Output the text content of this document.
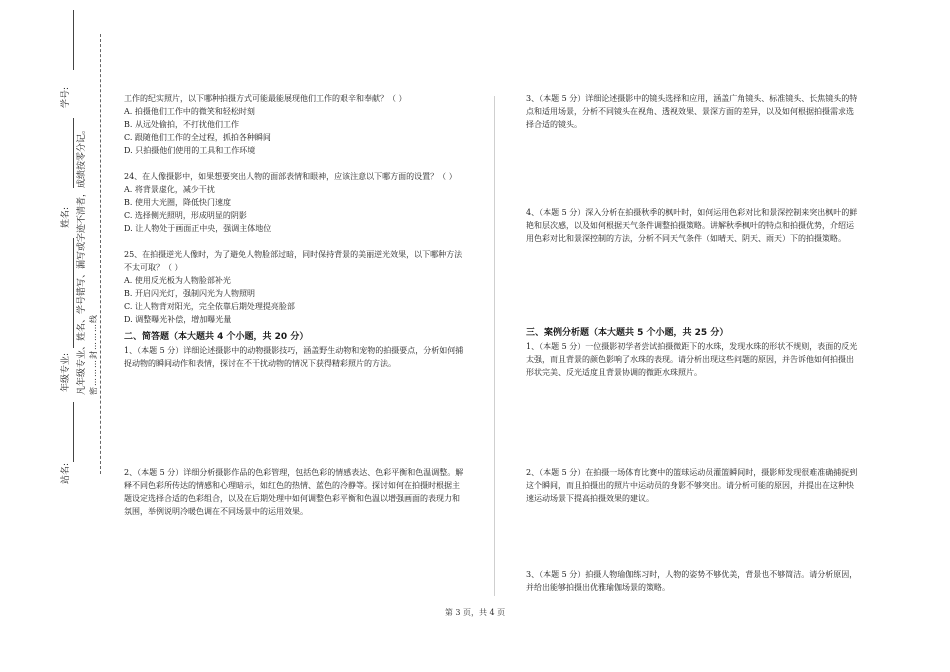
学号:
姓名:
年级专业:
站名:
凡年级专业、姓名、学号错写、漏写或字迹不清者，成绩按零分记。 密………封………线

工作的纪实照片，以下哪种拍摄方式可能最能展现他们工作的艰辛和奉献？（ ）

A. 拍摄他们工作中的微笑和轻松时刻

B. 从远处偷拍，不打扰他们工作

C. 跟随他们工作的全过程，抓拍各种瞬间

D. 只拍摄他们使用的工具和工作环境

24、在人像摄影中，如果想要突出人物的面部表情和眼神，应该注意以下哪方面的设置？（ ）

A. 将背景虚化，减少干扰

B. 使用大光圈，降低快门速度

C. 选择侧光照明，形成明显的阴影

D. 让人物处于画面正中央，强调主体地位

25、在拍摄逆光人像时，为了避免人物脸部过暗，同时保持背景的美丽逆光效果，以下哪种方法不太可取？（ ）

A. 使用反光板为人物脸部补光

B. 开启闪光灯，强制闪光为人物照明

C. 让人物背对阳光，完全依靠后期处理提亮脸部

D. 调整曝光补偿，增加曝光量

二、简答题（本大题共 4 个小题，共 20 分）

1、（本题 5 分）详细论述摄影中的动物摄影技巧，涵盖野生动物和宠物的拍摄要点，分析如何捕捉动物的瞬间动作和表情，探讨在不干扰动物的情况下获得精彩照片的方法。

2、（本题 5 分）详细分析摄影作品的色彩管理，包括色彩的情感表达、色彩平衡和色温调整。解释不同色彩所传达的情感和心理暗示，如红色的热情、蓝色的冷静等。探讨如何在拍摄时根据主题设定选择合适的色彩组合，以及在后期处理中如何调整色彩平衡和色温以增强画面的表现力和氛围，举例说明冷暖色调在不同场景中的运用效果。

3、（本题 5 分）详细论述摄影中的镜头选择和应用，涵盖广角镜头、标准镜头、长焦镜头的特点和适用场景，分析不同镜头在视角、透视效果、景深方面的差异，以及如何根据拍摄需求选择合适的镜头。

4、（本题 5 分）深入分析在拍摄秋季的枫叶时，如何运用色彩对比和景深控制来突出枫叶的鲜艳和层次感，以及如何根据天气条件调整拍摄策略。讲解秋季枫叶的特点和拍摄优势，介绍运用色彩对比和景深控制的方法，分析不同天气条件（如晴天、阴天、雨天）下的拍摄策略。

三、案例分析题（本大题共 5 个小题，共 25 分）

1、（本题 5 分）一位摄影初学者尝试拍摄微距下的水珠，发现水珠的形状不规则，表面的反光太强，而且背景的颜色影响了水珠的表现。请分析出现这些问题的原因，并告诉他如何拍摄出形状完美、反光适度且背景协调的微距水珠照片。

2、（本题 5 分）在拍摄一场体育比赛中的篮球运动员灌篮瞬间时，摄影师发现很难准确捕捉到这个瞬间，而且拍摄出的照片中运动员的身影不够突出。请分析可能的原因，并提出在这种快速运动场景下提高拍摄效果的建议。

3、（本题 5 分）拍摄人物瑜伽练习时，人物的姿势不够优美，背景也不够简洁。请分析原因，并给出能够拍摄出优雅瑜伽场景的策略。

第 3 页，共 4 页
